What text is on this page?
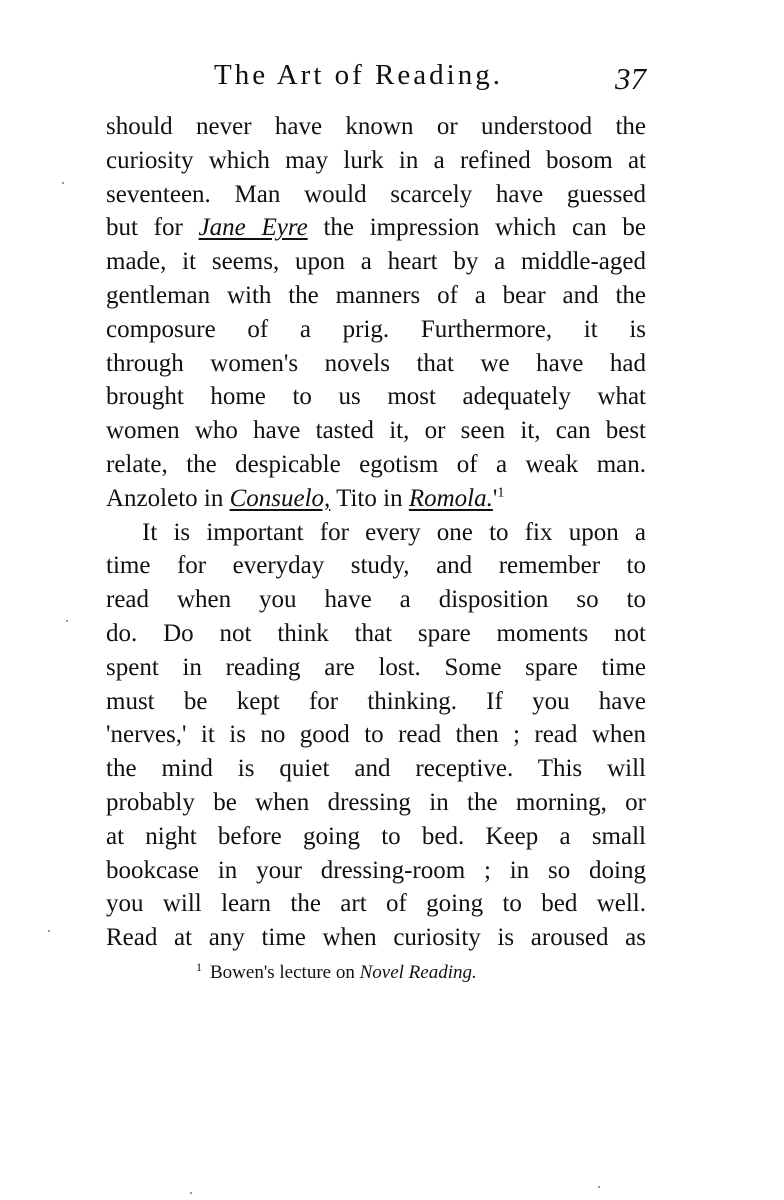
The Art of Reading.	37

should never have known or understood the

curiosity which may lurk in a refined bosom at

seventeen. Man would scarcely have guessed

but for Jane Eyre the impression which can be

made, it seems, upon a heart by a middle-aged

gentleman with the manners of a bear and the

composure of a prig. Furthermore, it is

through women's novels that we have had

brought home to us most adequately what

women who have tasted it, or seen it, can best

relate, the despicable egotism of a weak man.

Anzoleto in Consuelo, Tito in $Romola.'^1$

It is important for every one to fix upon a

time for everyday study, and remember to

read when you have a disposition so to

do. Do not think that spare moments not

spent in reading are lost. Some spare time

must be kept for thinking. If you have

'nerves,' it is no good to read then ; read when

the mind is quiet and receptive. This will

probably be when dressing in the morning, or

at night before going to bed. Keep a small

bookcase in your dressing-room ; in so doing

you will learn the art of going to bed well.

Read at any time when curiosity is aroused as

$^1$ Bowen's lecture on Novel Reading.
